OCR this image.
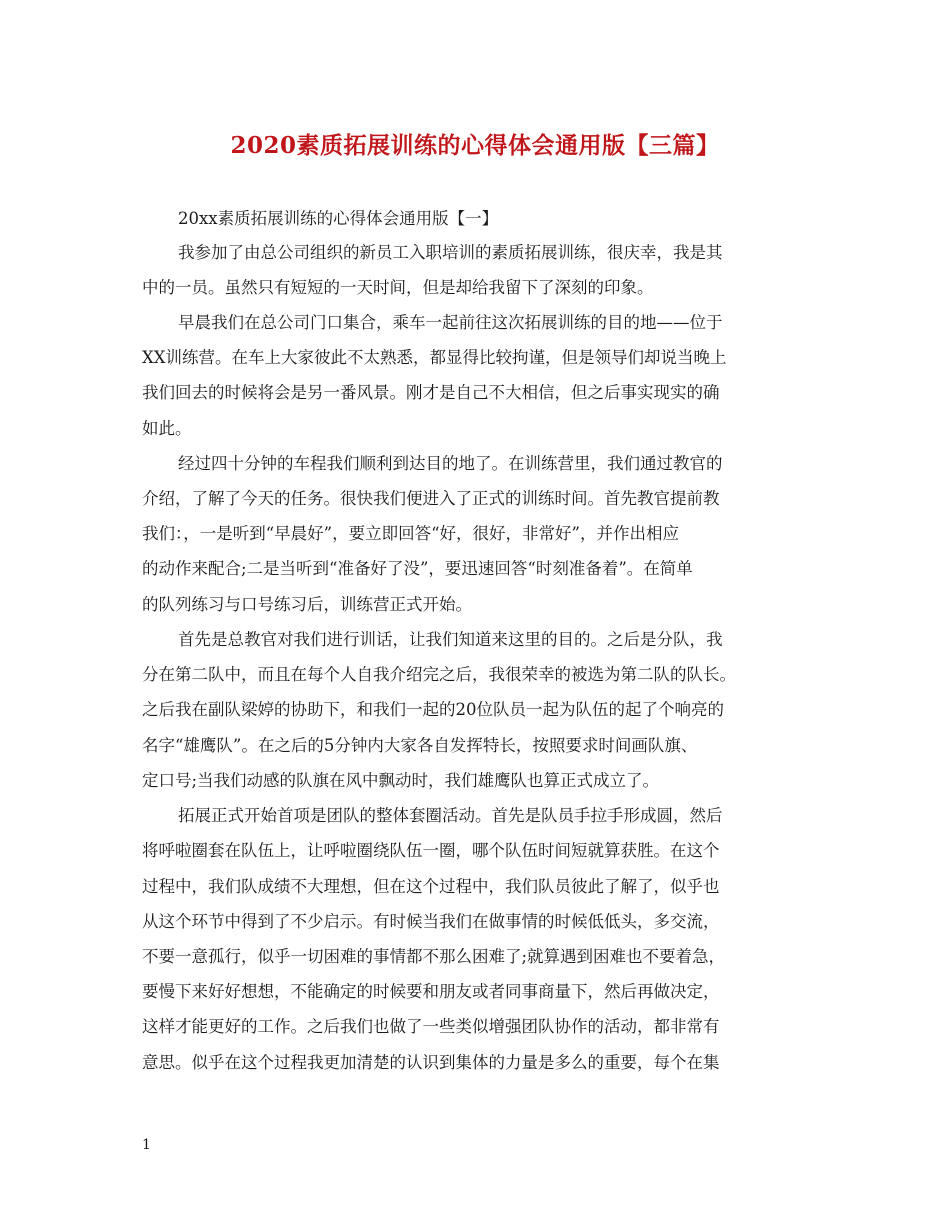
2020素质拓展训练的心得体会通用版【三篇】
20xx素质拓展训练的心得体会通用版【一】
我参加了由总公司组织的新员工入职培训的素质拓展训练，很庆幸，我是其
中的一员。虽然只有短短的一天时间，但是却给我留下了深刻的印象。
早晨我们在总公司门口集合，乘车一起前往这次拓展训练的目的地——位于
XX训练营。在车上大家彼此不太熟悉，都显得比较拘谨，但是领导们却说当晚上
我们回去的时候将会是另一番风景。刚才是自己不大相信，但之后事实现实的确
如此。
经过四十分钟的车程我们顺利到达目的地了。在训练营里，我们通过教官的
介绍，了解了今天的任务。很快我们便进入了正式的训练时间。首先教官提前教
我们：，一是听到“早晨好”，要立即回答“好，很好，非常好”，并作出相应
的动作来配合;二是当听到“准备好了没”，要迅速回答“时刻准备着”。在简单
的队列练习与口号练习后，训练营正式开始。
首先是总教官对我们进行训话，让我们知道来这里的目的。之后是分队，我
分在第二队中，而且在每个人自我介绍完之后，我很荣幸的被选为第二队的队长。
之后我在副队梁婷的协助下，和我们一起的20位队员一起为队伍的起了个响亮的
名字“雄鹰队”。在之后的5分钟内大家各自发挥特长，按照要求时间画队旗、
定口号;当我们动感的队旗在风中飘动时，我们雄鹰队也算正式成立了。
拓展正式开始首项是团队的整体套圈活动。首先是队员手拉手形成圆，然后
将呼啦圈套在队伍上，让呼啦圈绕队伍一圈，哪个队伍时间短就算获胜。在这个
过程中，我们队成绩不大理想，但在这个过程中，我们队员彼此了解了，似乎也
从这个环节中得到了不少启示。有时候当我们在做事情的时候低低头，多交流，
不要一意孤行，似乎一切困难的事情都不那么困难了;就算遇到困难也不要着急，
要慢下来好好想想，不能确定的时候要和朋友或者同事商量下，然后再做决定，
这样才能更好的工作。之后我们也做了一些类似增强团队协作的活动，都非常有
意思。似乎在这个过程我更加清楚的认识到集体的力量是多么的重要，每个在集
1
